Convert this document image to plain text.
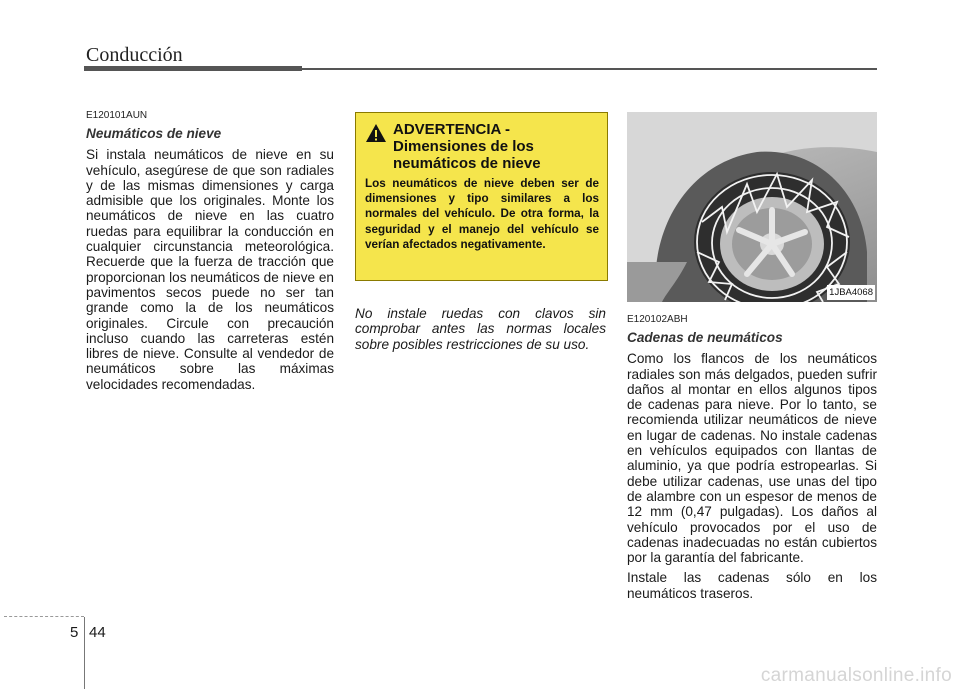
Conducción
E120101AUN
Neumáticos de nieve

Si instala neumáticos de nieve en su vehículo, asegúrese de que son radiales y de las mismas dimensiones y carga admisible que los originales. Monte los neumáticos de nieve en las cuatro ruedas para equilibrar la conducción en cualquier circunstancia meteorológica. Recuerde que la fuerza de tracción que proporcionan los neumáticos de nieve en pavimentos secos puede no ser tan grande como la de los neumáticos originales. Circule con precaución incluso cuando las carreteras estén libres de nieve. Consulte al vendedor de neumáticos sobre las máximas velocidades recomendadas.

ADVERTENCIA -
Dimensiones de los
neumáticos de nieve
Los neumáticos de nieve deben ser de dimensiones y tipo similares a los normales del vehículo. De otra forma, la seguridad y el manejo del vehículo se verían afectados negativamente.

No instale ruedas con clavos sin comprobar antes las normas locales sobre posibles restricciones de su uso.

1JBA4068
E120102ABH
Cadenas de neumáticos

Como los flancos de los neumáticos radiales son más delgados, pueden sufrir daños al montar en ellos algunos tipos de cadenas para nieve. Por lo tanto, se recomienda utilizar neumáticos de nieve en lugar de cadenas. No instale cadenas en vehículos equipados con llantas de aluminio, ya que podría estropearlas. Si debe utilizar cadenas, use unas del tipo de alambre con un espesor de menos de 12 mm (0,47 pulgadas). Los daños al vehículo provocados por el uso de cadenas inadecuadas no están cubiertos por la garantía del fabricante.

Instale las cadenas sólo en los neumáticos traseros.

5 44
carmanualsonline.info
